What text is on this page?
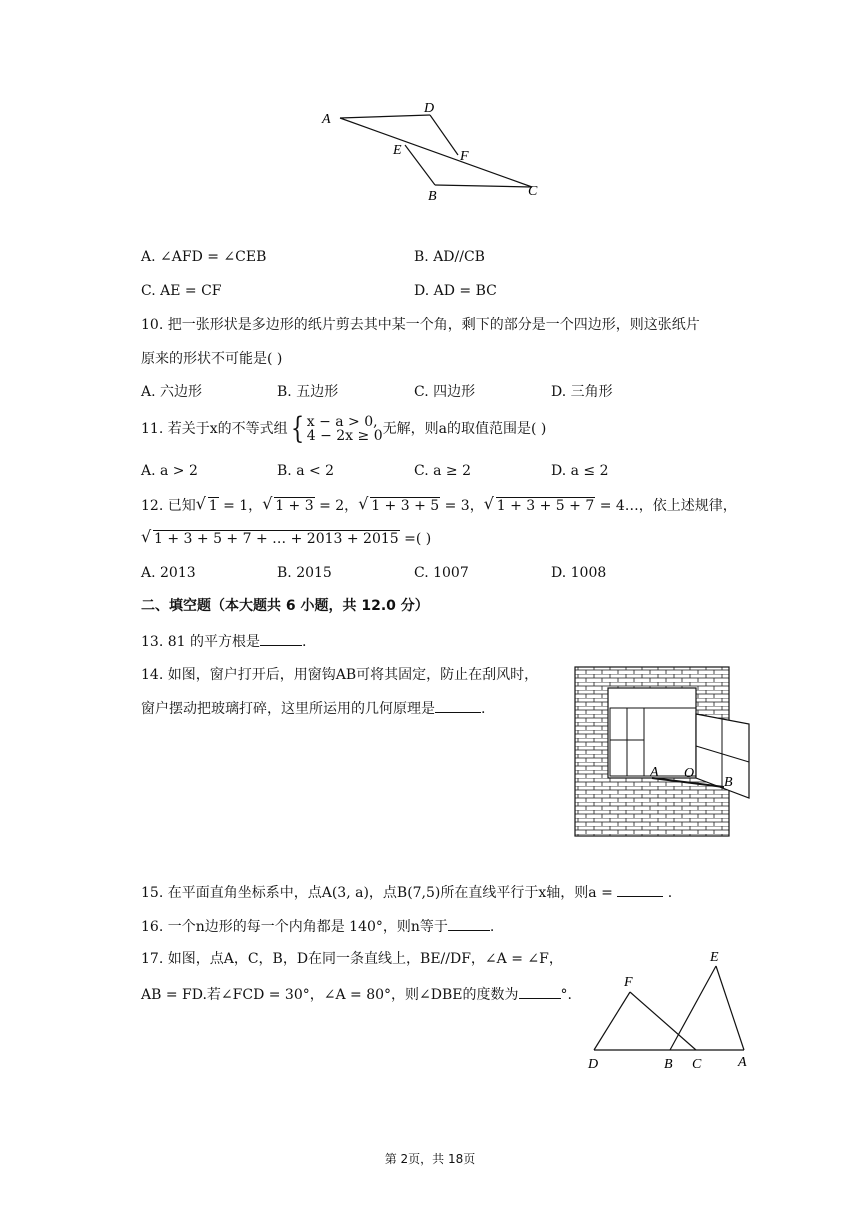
A
D
E	F
B	C
A. ∠AFD = ∠CEB	B. AD//CB
C. AE = CF	D. AD = BC
10. 把一张形状是多边形的纸片剪去其中某一个角，剩下的部分是一个四边形，则这张纸片
原来的形状不可能是( )
A. 六边形	B. 五边形	C. 四边形	D. 三角形
11. 若关于x的不等式组 { x − a > 0,
4 − 2x ≥ 0 无解，则a的取值范围是( )
A. a > 2	B. a < 2	C. a ≥ 2	D. a ≤ 2
12. 已知 √ 1 = 1， √ 1 + 3 = 2， √ 1 + 3 + 5 = 3， √ 1 + 3 + 5 + 7 = 4…，依上述规律，
√ 1 + 3 + 5 + 7 + … + 2013 + 2015 =( )
A. 2013	B. 2015	C. 1007	D. 1008
二、填空题（本大题共 6 小题，共 12.0 分）
13. 81 的平方根是	.
14. 如图，窗户打开后，用窗钩AB可将其固定，防止在刮风时，
窗户摆动把玻璃打碎，这里所运用的几何原理是	.
A O
B
15. 在平面直角坐标系中，点A(3, a)，点B(7,5)所在直线平行于x轴，则a =	.
16. 一个n边形的每一个内角都是 140°，则n等于	.
17. 如图，点A，C，B，D在同一条直线上，BE//DF，∠A = ∠F，
AB = FD.若∠FCD = 30°，∠A = 80°，则∠DBE的度数为	°.
E
F
D	B C	A
第 2页，共 18页
